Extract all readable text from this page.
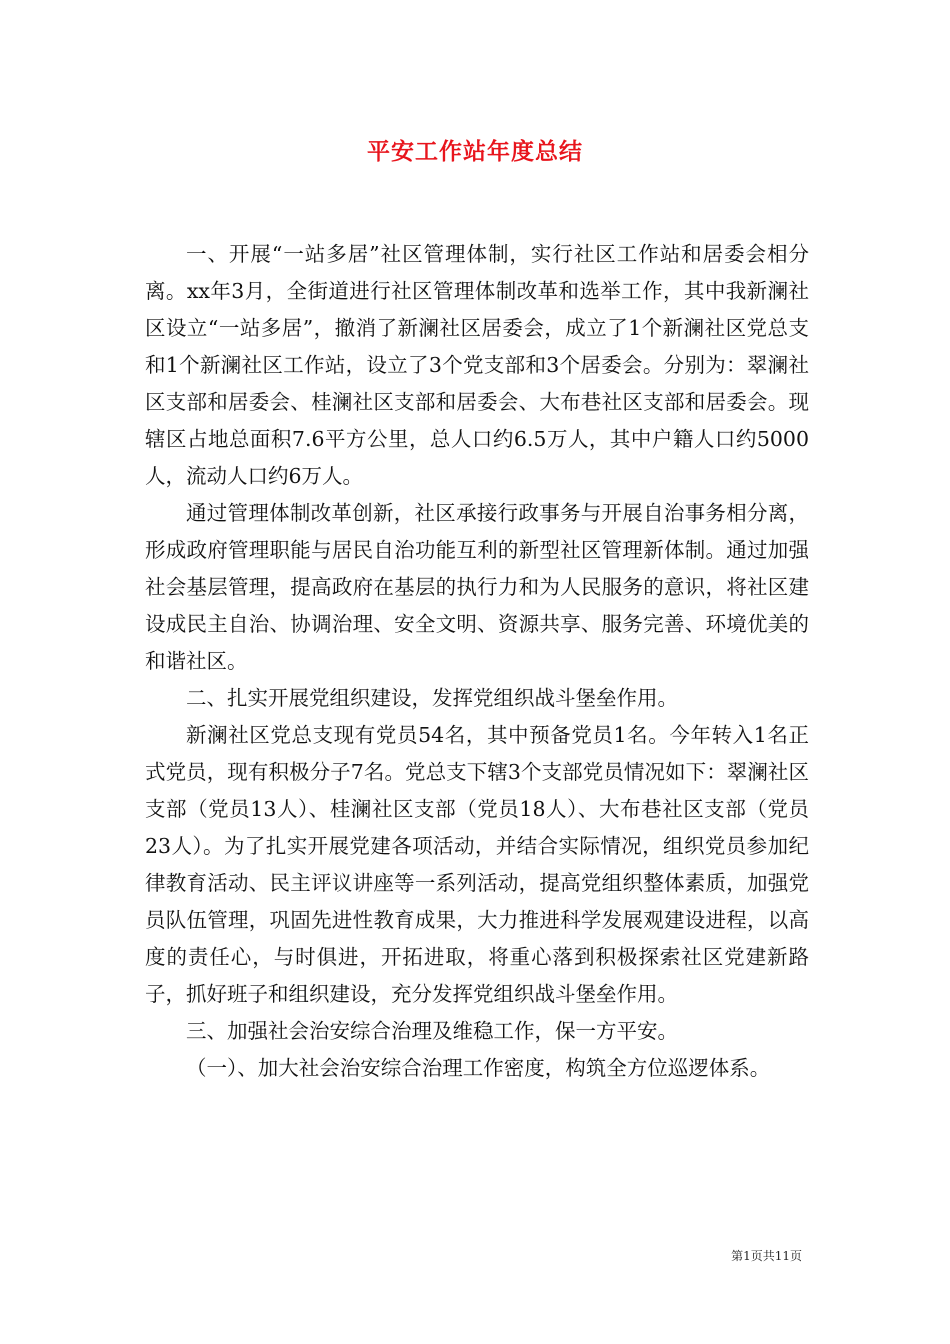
平安工作站年度总结

一、开展“一站多居”社区管理体制，实行社区工作站和居委会相分离。xx年3月，全街道进行社区管理体制改革和选举工作，其中我新澜社区设立“一站多居”，撤消了新澜社区居委会，成立了1个新澜社区党总支和1个新澜社区工作站，设立了3个党支部和3个居委会。分别为：翠澜社区支部和居委会、桂澜社区支部和居委会、大布巷社区支部和居委会。现辖区占地总面积7.6平方公里，总人口约6.5万人，其中户籍人口约5000人，流动人口约6万人。

通过管理体制改革创新，社区承接行政事务与开展自治事务相分离，形成政府管理职能与居民自治功能互利的新型社区管理新体制。通过加强社会基层管理，提高政府在基层的执行力和为人民服务的意识，将社区建设成民主自治、协调治理、安全文明、资源共享、服务完善、环境优美的和谐社区。

二、扎实开展党组织建设，发挥党组织战斗堡垒作用。

新澜社区党总支现有党员54名，其中预备党员1名。今年转入1名正式党员，现有积极分子7名。党总支下辖3个支部党员情况如下：翠澜社区支部（党员13人）、桂澜社区支部（党员18人）、大布巷社区支部（党员23人）。为了扎实开展党建各项活动，并结合实际情况，组织党员参加纪律教育活动、民主评议讲座等一系列活动，提高党组织整体素质，加强党员队伍管理，巩固先进性教育成果，大力推进科学发展观建设进程，以高度的责任心，与时俱进，开拓进取，将重心落到积极探索社区党建新路子，抓好班子和组织建设，充分发挥党组织战斗堡垒作用。

三、加强社会治安综合治理及维稳工作，保一方平安。

（一）、加大社会治安综合治理工作密度，构筑全方位巡逻体系。

第1页共11页
